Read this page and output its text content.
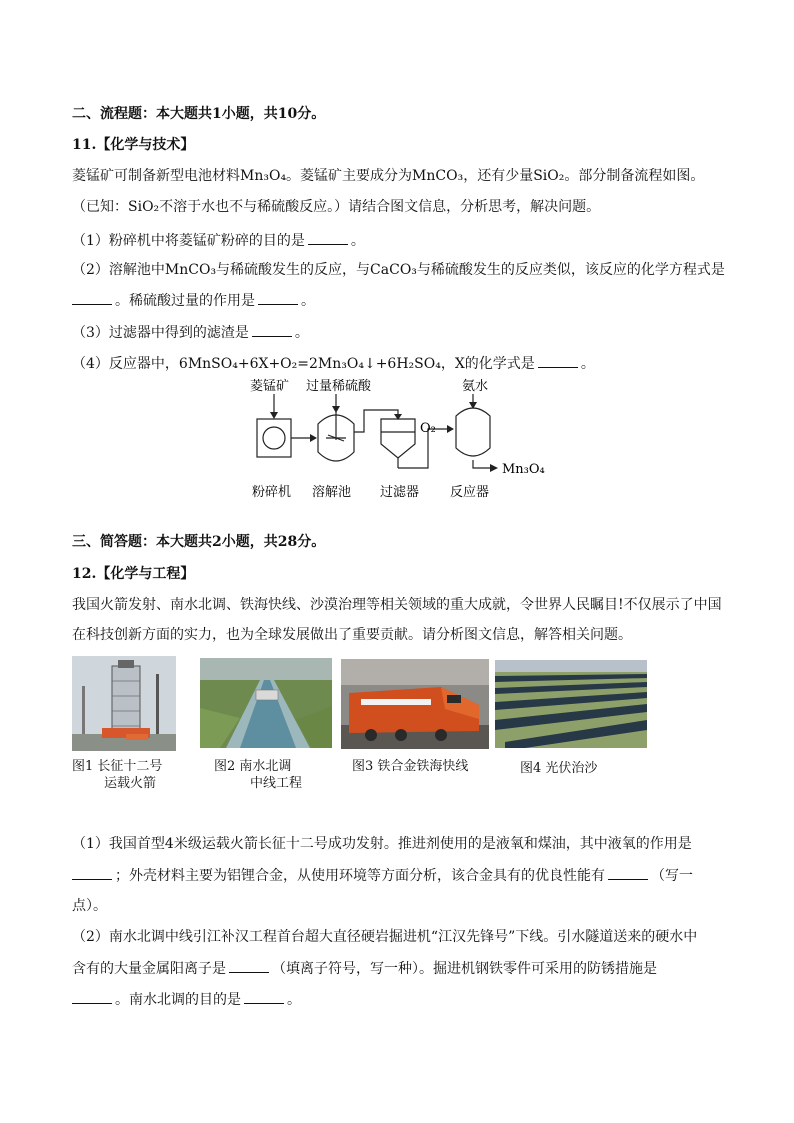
二、流程题：本大题共1小题，共10分。
11.【化学与技术】
菱锰矿可制备新型电池材料Mn₃O₄。菱锰矿主要成分为MnCO₃，还有少量SiO₂。部分制备流程如图。
（已知：SiO₂不溶于水也不与稀硫酸反应。）请结合图文信息，分析思考，解决问题。
（1）粉碎机中将菱锰矿粉碎的目的是	。
（2）溶解池中MnCO₃与稀硫酸发生的反应，与CaCO₃与稀硫酸发生的反应类似，该反应的化学方程式是
。稀硫酸过量的作用是	。
（3）过滤器中得到的滤渣是	。
（4）反应器中，6MnSO₄+6X+O₂=2Mn₃O₄↓+6H₂SO₄，X的化学式是	。
菱锰矿 过量稀硫酸	氨水
O₂
Mn₃O₄
粉碎机 溶解池 过滤器 反应器
三、简答题：本大题共2小题，共28分。
12.【化学与工程】
我国火箭发射、南水北调、铁海快线、沙漠治理等相关领域的重大成就，令世界人民瞩目!不仅展示了中国
在科技创新方面的实力，也为全球发展做出了重要贡献。请分析图文信息，解答相关问题。
图1 长征十二号
运载火箭
图2 南水北调
中线工程
图3 铁合金铁海快线	图4 光伏治沙
（1）我国首型4米级运载火箭长征十二号成功发射。推进剂使用的是液氧和煤油，其中液氧的作用是
；外壳材料主要为铝锂合金，从使用环境等方面分析，该合金具有的优良性能有	（写一
点）。
（2）南水北调中线引江补汉工程首台超大直径硬岩掘进机“江汉先锋号”下线。引水隧道送来的硬水中
含有的大量金属阳离子是	（填离子符号，写一种）。掘进机钢铁零件可采用的防锈措施是
。南水北调的目的是	。
